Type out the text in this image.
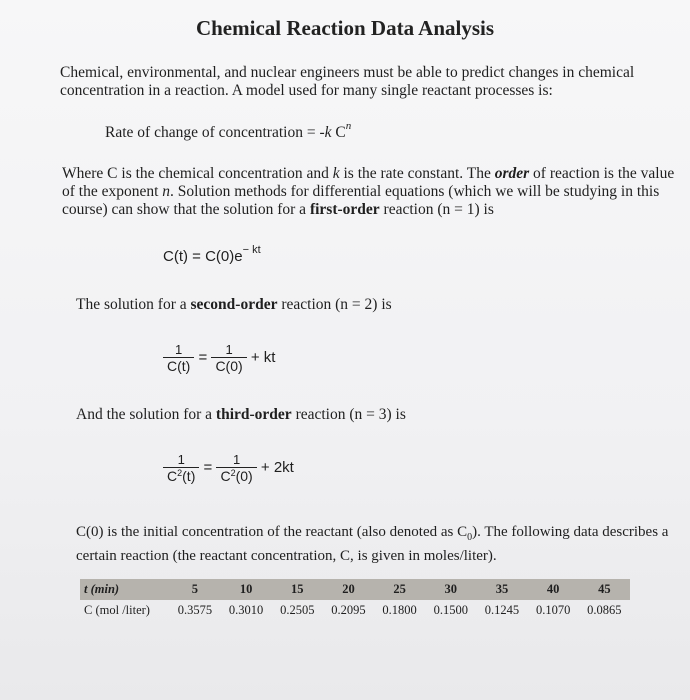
Chemical Reaction Data Analysis
Chemical, environmental, and nuclear engineers must be able to predict changes in chemical concentration in a reaction. A model used for many single reactant processes is:
Rate of change of concentration = -k $C^n$
Where C is the chemical concentration and k is the rate constant. The order of reaction is the value of the exponent n. Solution methods for differential equations (which we will be studying in this course) can show that the solution for a first-order reaction (n = 1) is
$C(t) = C(0)e^{- kt}$
The solution for a second-order reaction (n = 2) is
$\frac{1}{C(t)} = \frac{1}{C(0)}$ + kt
And the solution for a third-order reaction (n = 3) is
$\frac{1}{C^2(t)} = \frac{1}{C^2(0)} + 2kt$
C(0) is the initial concentration of the reactant (also denoted as $C_0$). The following data describes a certain reaction (the reactant concentration, C, is given in moles/liter).
t (min)	5	10	15	20	25	30	35	40	45
C (mol /liter)	0.3575	0.3010	0.2505	0.2095	0.1800	0.1500	0.1245	0.1070	0.0865
